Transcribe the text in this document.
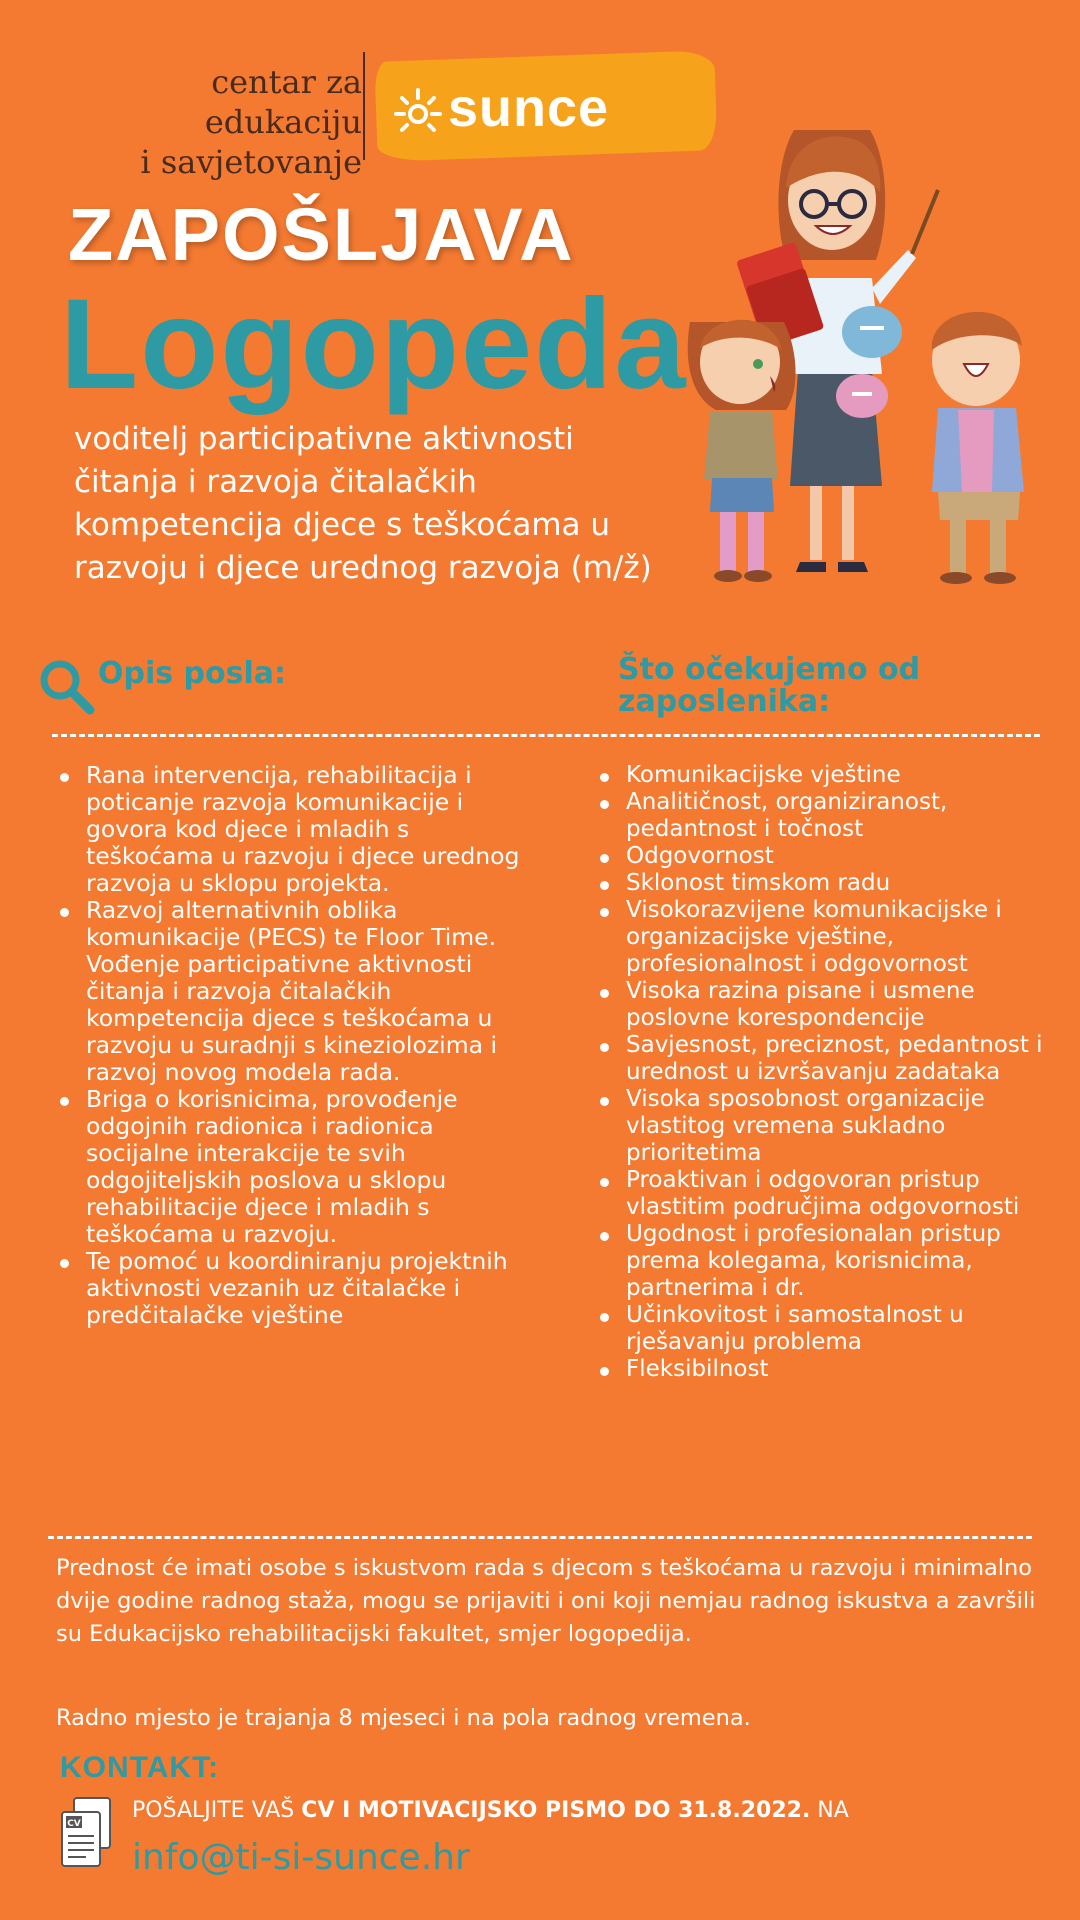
centar za edukaciju
i savjetovanje
sunce
ZAPOŠLJAVA
Logopeda
voditelj participativne aktivnosti čitanja i razvoja čitalačkih kompetencija djece s teškoćama u razvoju i djece urednog razvoja (m/ž)
Opis posla:	Što očekujemo od zaposlenika:
Rana intervencija, rehabilitacija i poticanje razvoja komunikacije i govora kod djece i mladih s teškoćama u razvoju i djece urednog razvoja u sklopu projekta.
Razvoj alternativnih oblika komunikacije (PECS) te Floor Time. Vođenje participativne aktivnosti čitanja i razvoja čitalačkih kompetencija djece s teškoćama u razvoju u suradnji s kineziolozima i razvoj novog modela rada.
Briga o korisnicima, provođenje odgojnih radionica i radionica socijalne interakcije te svih odgojiteljskih poslova u sklopu rehabilitacije djece i mladih s teškoćama u razvoju.
Te pomoć u koordiniranju projektnih aktivnosti vezanih uz čitalačke i predčitalačke vještine
Komunikacijske vještine
Analitičnost, organiziranost, pedantnost i točnost
Odgovornost
Sklonost timskom radu
Visokorazvijene komunikacijske i organizacijske vještine, profesionalnost i odgovornost
Visoka razina pisane i usmene poslovne korespondencije
Savjesnost, preciznost, pedantnost i urednost u izvršavanju zadataka
Visoka sposobnost organizacije vlastitog vremena sukladno prioritetima
Proaktivan i odgovoran pristup vlastitim područjima odgovornosti
Ugodnost i profesionalan pristup prema kolegama, korisnicima, partnerima i dr.
Učinkovitost i samostalnost u rješavanju problema
Fleksibilnost
Prednost će imati osobe s iskustvom rada s djecom s teškoćama u razvoju i minimalno dvije godine radnog staža, mogu se prijaviti i oni koji nemjau radnog iskustva a završili su Edukacijsko rehabilitacijski fakultet, smjer logopedija.
Radno mjesto je trajanja 8 mjeseci i na pola radnog vremena.
KONTAKT:
CV
POŠALJITE VAŠ CV I MOTIVACIJSKO PISMO DO 31.8.2022. NA
info@ti-si-sunce.hr
